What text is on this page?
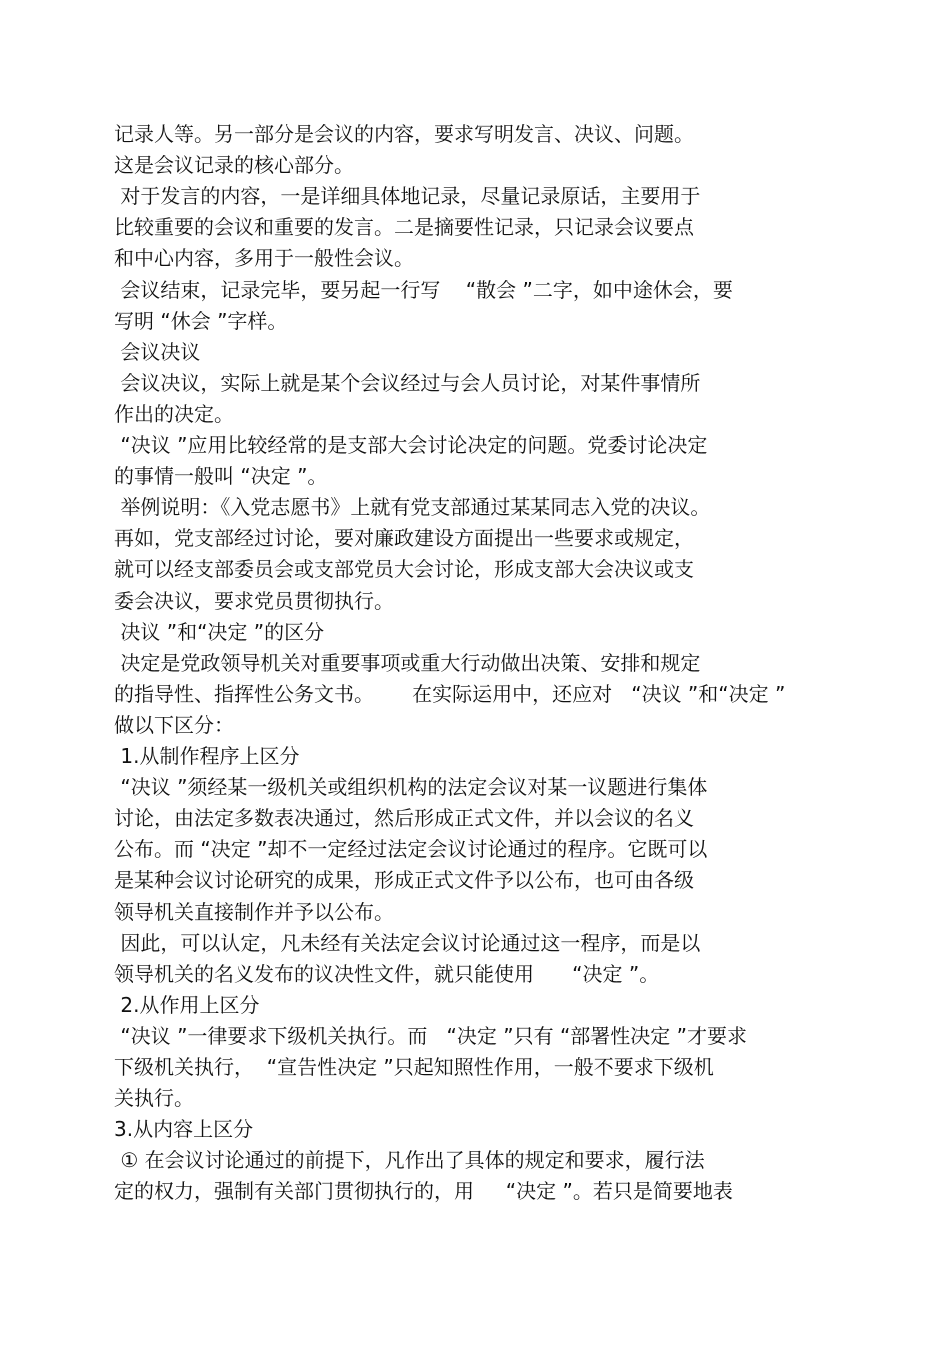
记录人等。另一部分是会议的内容，要求写明发言、决议、问题。

这是会议记录的核心部分。

对于发言的内容，一是详细具体地记录，尽量记录原话，主要用于

比较重要的会议和重要的发言。二是摘要性记录，只记录会议要点

和中心内容，多用于一般性会议。

会议结束，记录完毕，要另起一行写    “散会 ”二字，如中途休会，要

写明 “休会 ”字样。

会议决议

会议决议，实际上就是某个会议经过与会人员讨论，对某件事情所

作出的决定。

“决议 ”应用比较经常的是支部大会讨论决定的问题。党委讨论决定

的事情一般叫 “决定 ”。

举例说明：《入党志愿书》上就有党支部通过某某同志入党的决议。

再如，党支部经过讨论，要对廉政建设方面提出一些要求或规定，

就可以经支部委员会或支部党员大会讨论，形成支部大会决议或支

委会决议，要求党员贯彻执行。

决议 ”和“决定 ”的区分

决定是党政领导机关对重要事项或重大行动做出决策、安排和规定

的指导性、指挥性公务文书。      在实际运用中，还应对   “决议 ”和“决定 ”

做以下区分：

1.从制作程序上区分

“决议 ”须经某一级机关或组织机构的法定会议对某一议题进行集体

讨论，由法定多数表决通过，然后形成正式文件，并以会议的名义

公布。而 “决定 ”却不一定经过法定会议讨论通过的程序。它既可以

是某种会议讨论研究的成果，形成正式文件予以公布，也可由各级

领导机关直接制作并予以公布。

因此，可以认定，凡未经有关法定会议讨论通过这一程序，而是以

领导机关的名义发布的议决性文件，就只能使用      “决定 ”。

2.从作用上区分

“决议 ”一律要求下级机关执行。而   “决定 ”只有 “部署性决定 ”才要求

下级机关执行，  “宣告性决定 ”只起知照性作用，一般不要求下级机

关执行。

3.从内容上区分

① 在会议讨论通过的前提下，凡作出了具体的规定和要求，履行法

定的权力，强制有关部门贯彻执行的，用     “决定 ”。若只是简要地表
